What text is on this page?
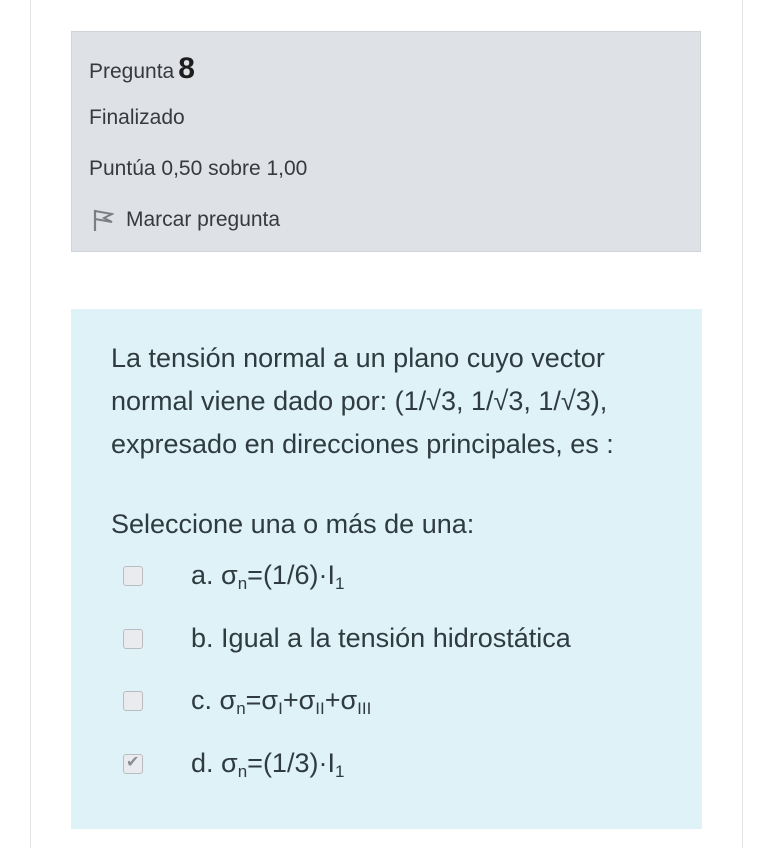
Pregunta 8
Finalizado
Puntúa 0,50 sobre 1,00
Marcar pregunta
La tensión normal a un plano cuyo vector
normal viene dado por: (1/√3, 1/√3, 1/√3),
expresado en direcciones principales, es :
Seleccione una o más de una:
a. $\sigma_n=(1/6)\cdot I_1$
b. Igual a la tensión hidrostática
c. $\sigma_n=\sigma_I+\sigma_{II}+\sigma_{III}$
✔ d. $\sigma_n=(1/3)\cdot I_1$
